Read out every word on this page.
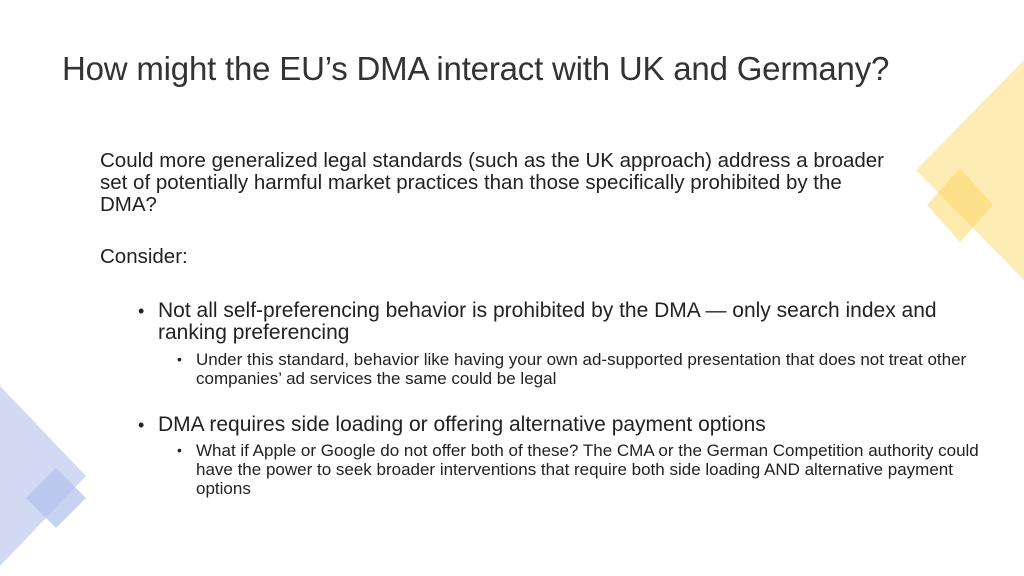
How might the EU’s DMA interact with UK and Germany?

Could more generalized legal standards (such as the UK approach) address a broader set of potentially harmful market practices than those specifically prohibited by the DMA?

Consider:

• Not all self-preferencing behavior is prohibited by the DMA — only search index and ranking preferencing
• Under this standard, behavior like having your own ad-supported presentation that does not treat other companies’ ad services the same could be legal
• DMA requires side loading or offering alternative payment options
• What if Apple or Google do not offer both of these? The CMA or the German Competition authority could have the power to seek broader interventions that require both side loading AND alternative payment options
